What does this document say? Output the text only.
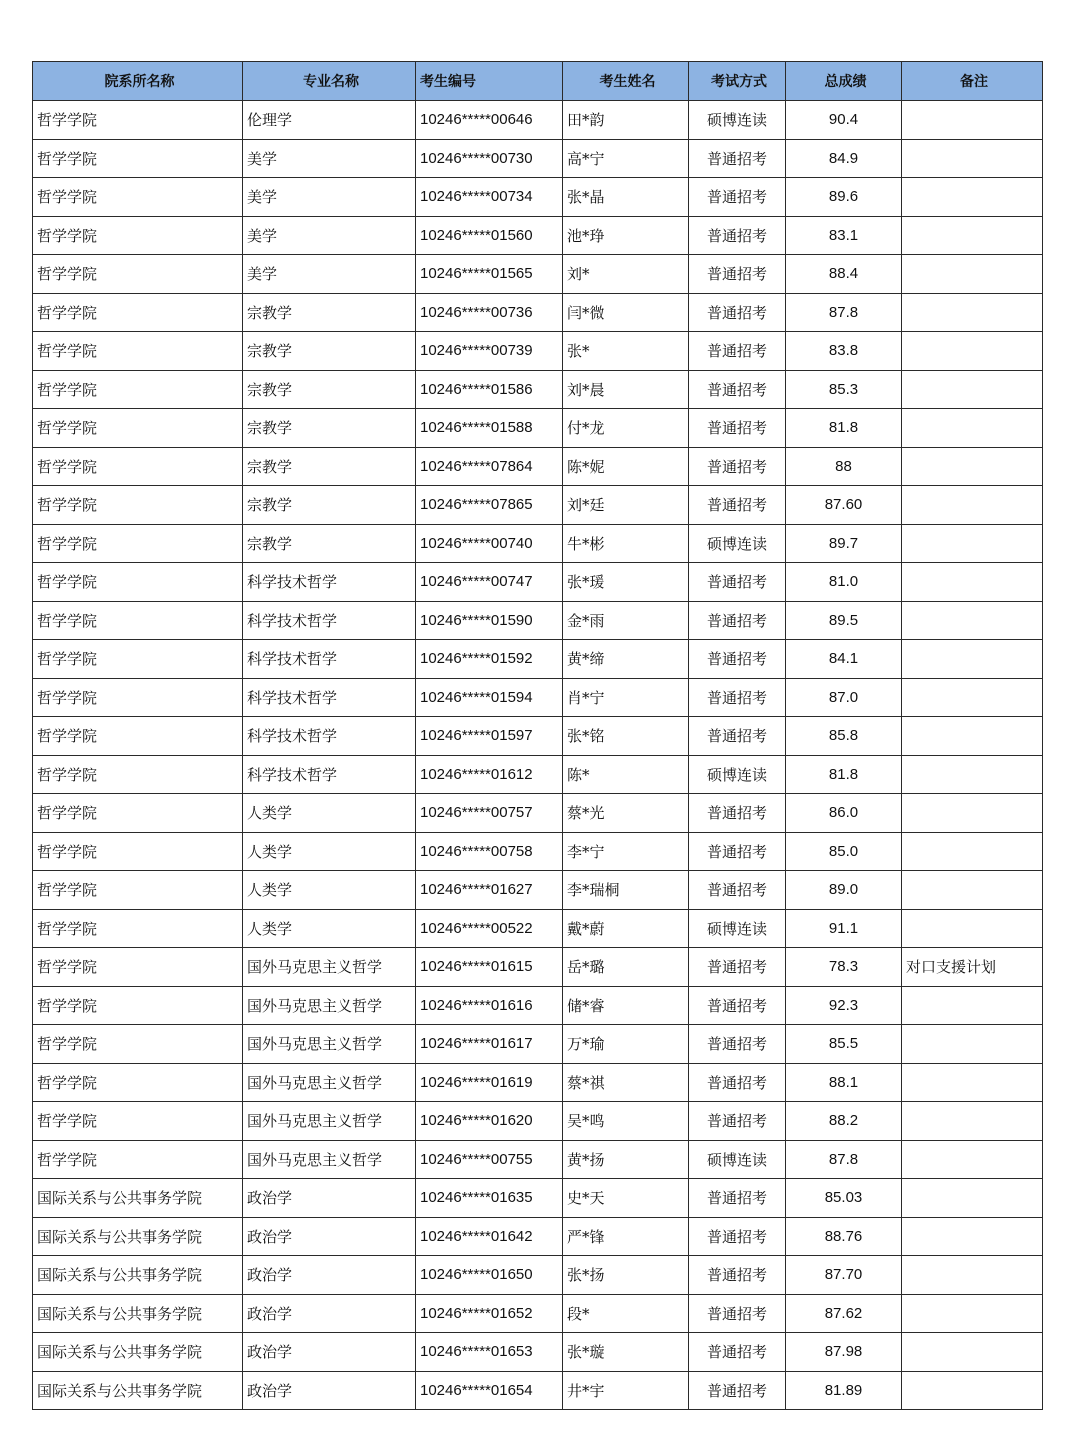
院系所名称	专业名称	考生编号	考生姓名	考试方式	总成绩	备注
哲学学院	伦理学	10246*****00646	田*韵	硕博连读	90.4	
哲学学院	美学	10246*****00730	高*宁	普通招考	84.9	
哲学学院	美学	10246*****00734	张*晶	普通招考	89.6	
哲学学院	美学	10246*****01560	池*琤	普通招考	83.1	
哲学学院	美学	10246*****01565	刘*	普通招考	88.4	
哲学学院	宗教学	10246*****00736	闫*微	普通招考	87.8	
哲学学院	宗教学	10246*****00739	张*	普通招考	83.8	
哲学学院	宗教学	10246*****01586	刘*晨	普通招考	85.3	
哲学学院	宗教学	10246*****01588	付*龙	普通招考	81.8	
哲学学院	宗教学	10246*****07864	陈*妮	普通招考	88	
哲学学院	宗教学	10246*****07865	刘*廷	普通招考	87.60	
哲学学院	宗教学	10246*****00740	牛*彬	硕博连读	89.7	
哲学学院	科学技术哲学	10246*****00747	张*瑗	普通招考	81.0	
哲学学院	科学技术哲学	10246*****01590	金*雨	普通招考	89.5	
哲学学院	科学技术哲学	10246*****01592	黄*缔	普通招考	84.1	
哲学学院	科学技术哲学	10246*****01594	肖*宁	普通招考	87.0	
哲学学院	科学技术哲学	10246*****01597	张*铭	普通招考	85.8	
哲学学院	科学技术哲学	10246*****01612	陈*	硕博连读	81.8	
哲学学院	人类学	10246*****00757	蔡*光	普通招考	86.0	
哲学学院	人类学	10246*****00758	李*宁	普通招考	85.0	
哲学学院	人类学	10246*****01627	李*瑞桐	普通招考	89.0	
哲学学院	人类学	10246*****00522	戴*蔚	硕博连读	91.1	
哲学学院	国外马克思主义哲学	10246*****01615	岳*璐	普通招考	78.3	对口支援计划
哲学学院	国外马克思主义哲学	10246*****01616	储*睿	普通招考	92.3	
哲学学院	国外马克思主义哲学	10246*****01617	万*瑜	普通招考	85.5	
哲学学院	国外马克思主义哲学	10246*****01619	蔡*祺	普通招考	88.1	
哲学学院	国外马克思主义哲学	10246*****01620	吴*鸣	普通招考	88.2	
哲学学院	国外马克思主义哲学	10246*****00755	黄*扬	硕博连读	87.8	
国际关系与公共事务学院	政治学	10246*****01635	史*天	普通招考	85.03	
国际关系与公共事务学院	政治学	10246*****01642	严*锋	普通招考	88.76	
国际关系与公共事务学院	政治学	10246*****01650	张*扬	普通招考	87.70	
国际关系与公共事务学院	政治学	10246*****01652	段*	普通招考	87.62	
国际关系与公共事务学院	政治学	10246*****01653	张*璇	普通招考	87.98	
国际关系与公共事务学院	政治学	10246*****01654	井*宇	普通招考	81.89	
